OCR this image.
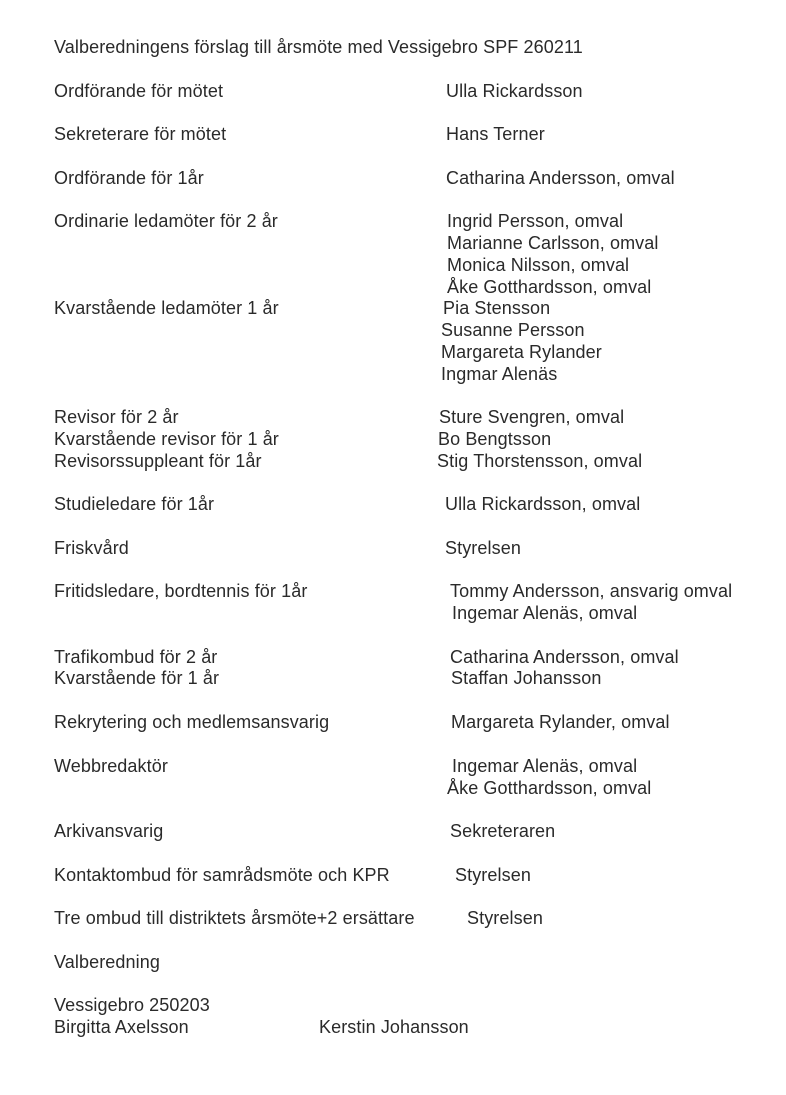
Valberedningens förslag till årsmöte med Vessigebro SPF 260211

Ordförande för mötet	Ulla Rickardsson

Sekreterare för mötet	Hans Terner

Ordförande för 1år	Catharina Andersson, omval

Ordinarie ledamöter för 2 år	Ingrid Persson, omval

Marianne Carlsson, omval

Monica Nilsson, omval

Åke Gotthardsson, omval

Kvarstående ledamöter 1 år	Pia Stensson

Susanne Persson

Margareta Rylander

Ingmar Alenäs

Revisor för 2 år	Sture Svengren, omval

Kvarstående revisor för 1 år	Bo Bengtsson

Revisorssuppleant för 1år	Stig Thorstensson, omval

Studieledare för 1år	Ulla Rickardsson, omval

Friskvård	Styrelsen

Fritidsledare, bordtennis för 1år	Tommy Andersson, ansvarig omval

Ingemar Alenäs, omval

Trafikombud för 2 år	Catharina Andersson, omval

Kvarstående för 1 år	Staffan Johansson

Rekrytering och medlemsansvarig	Margareta Rylander, omval

Webbredaktör	Ingemar Alenäs, omval

Åke Gotthardsson, omval

Arkivansvarig	Sekreteraren

Kontaktombud för samrådsmöte och KPR	Styrelsen

Tre ombud till distriktets årsmöte+2 ersättare	Styrelsen

Valberedning

Vessigebro 250203

Birgitta Axelsson	Kerstin Johansson
